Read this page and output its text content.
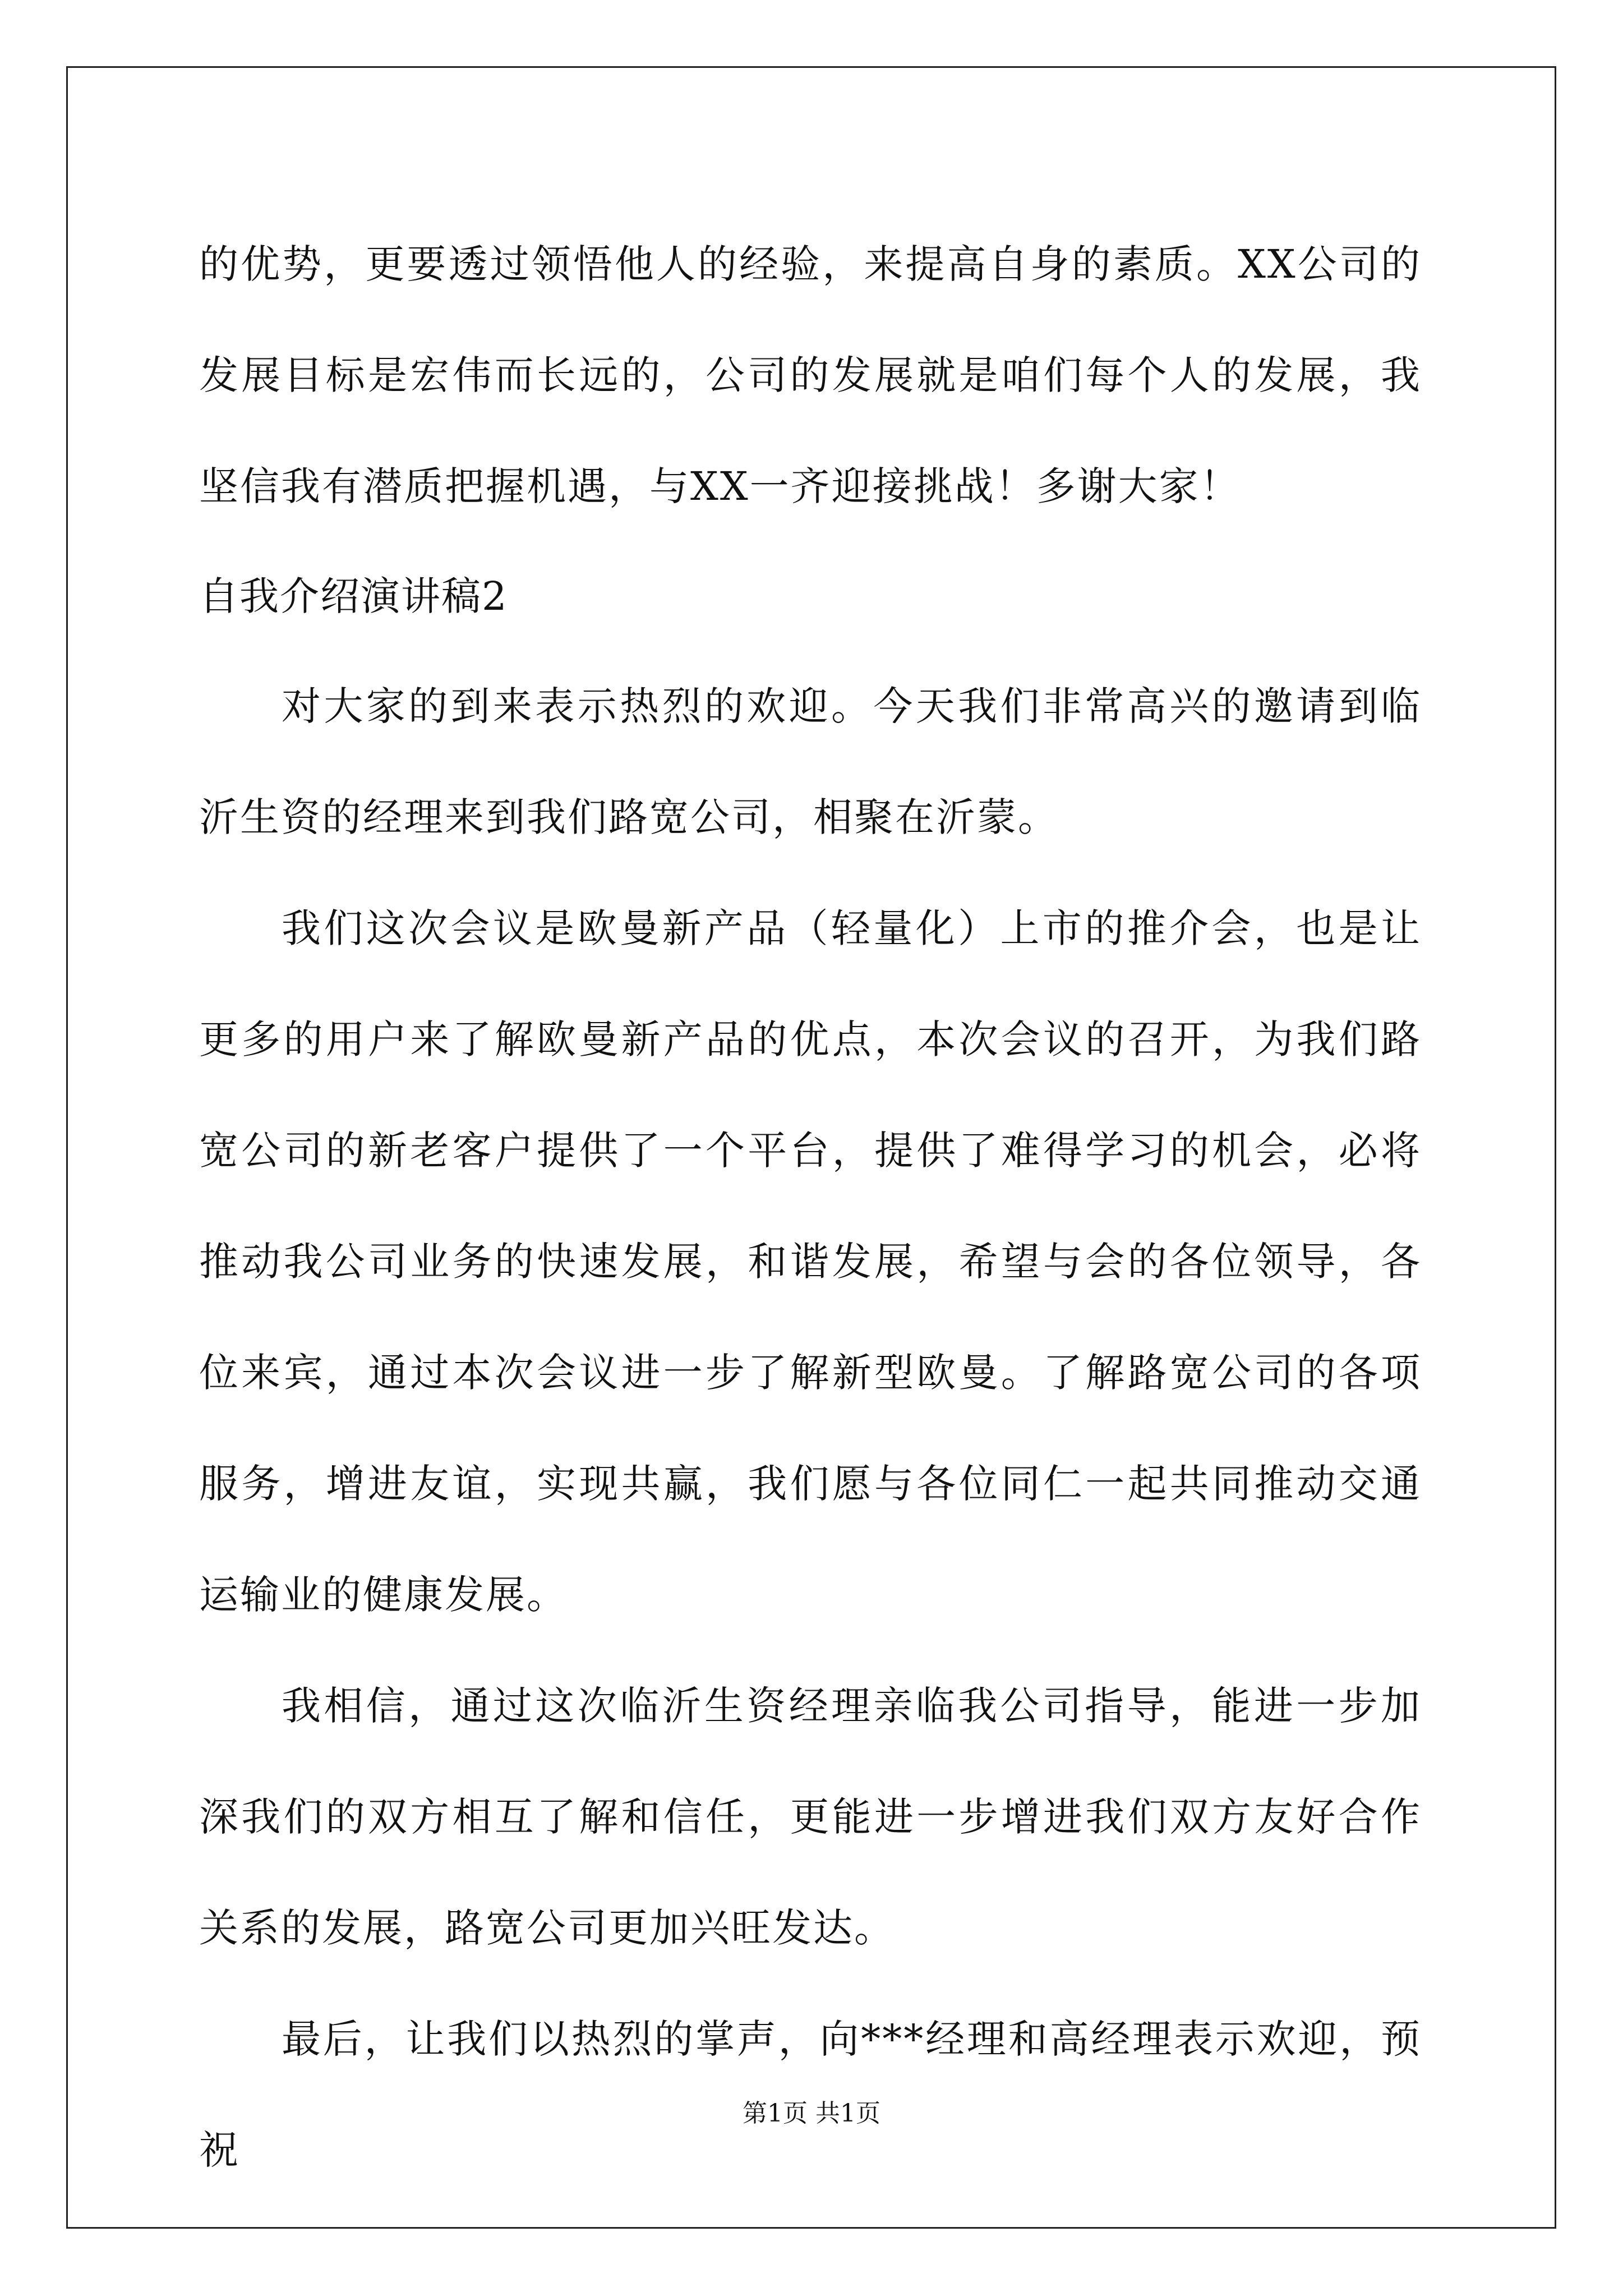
的优势，更要透过领悟他人的经验，来提高自身的素质。XX公司的发展目标是宏伟而长远的，公司的发展就是咱们每个人的发展，我坚信我有潜质把握机遇，与XX一齐迎接挑战！多谢大家！

自我介绍演讲稿2

对大家的到来表示热烈的欢迎。今天我们非常高兴的邀请到临沂生资的经理来到我们路宽公司，相聚在沂蒙。

我们这次会议是欧曼新产品（轻量化）上市的推介会，也是让更多的用户来了解欧曼新产品的优点，本次会议的召开，为我们路宽公司的新老客户提供了一个平台，提供了难得学习的机会，必将推动我公司业务的快速发展，和谐发展，希望与会的各位领导，各位来宾，通过本次会议进一步了解新型欧曼。了解路宽公司的各项服务，增进友谊，实现共赢，我们愿与各位同仁一起共同推动交通运输业的健康发展。

我相信，通过这次临沂生资经理亲临我公司指导，能进一步加深我们的双方相互了解和信任，更能进一步增进我们双方友好合作关系的发展，路宽公司更加兴旺发达。

最后，让我们以热烈的掌声，向***经理和高经理表示欢迎，预祝

第1页 共1页
